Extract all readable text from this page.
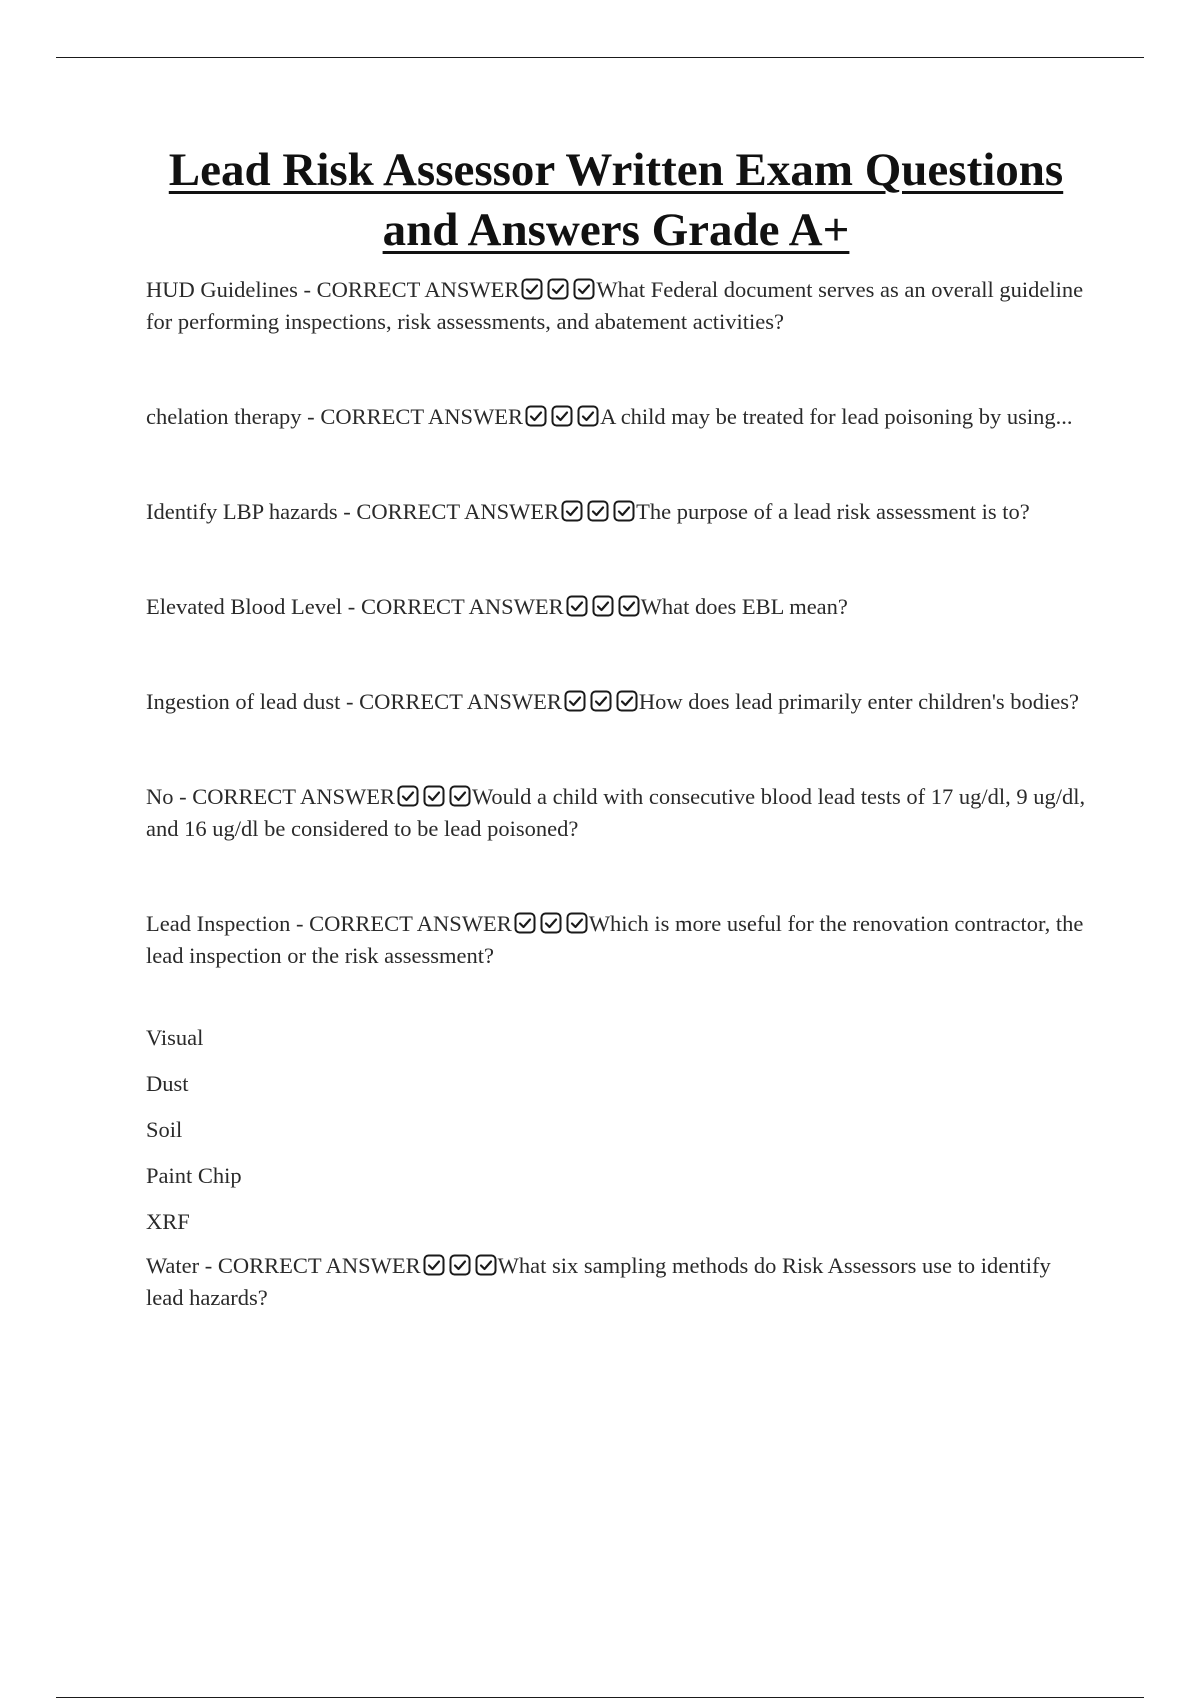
Lead Risk Assessor Written Exam Questions and Answers Grade A+

HUD Guidelines - CORRECT ANSWER	What Federal document serves as an overall guideline for performing inspections, risk assessments, and abatement activities?

chelation therapy - CORRECT ANSWER	A child may be treated for lead poisoning by using...

Identify LBP hazards - CORRECT ANSWER	The purpose of a lead risk assessment is to?

Elevated Blood Level - CORRECT ANSWER	What does EBL mean?

Ingestion of lead dust - CORRECT ANSWER	How does lead primarily enter children's bodies?

No - CORRECT ANSWER	Would a child with consecutive blood lead tests of 17 ug/dl, 9 ug/dl, and 16 ug/dl be considered to be lead poisoned?

Lead Inspection - CORRECT ANSWER	Which is more useful for the renovation contractor, the lead inspection or the risk assessment?

Visual

Dust

Soil

Paint Chip

XRF

Water - CORRECT ANSWER	What six sampling methods do Risk Assessors use to identify lead hazards?
